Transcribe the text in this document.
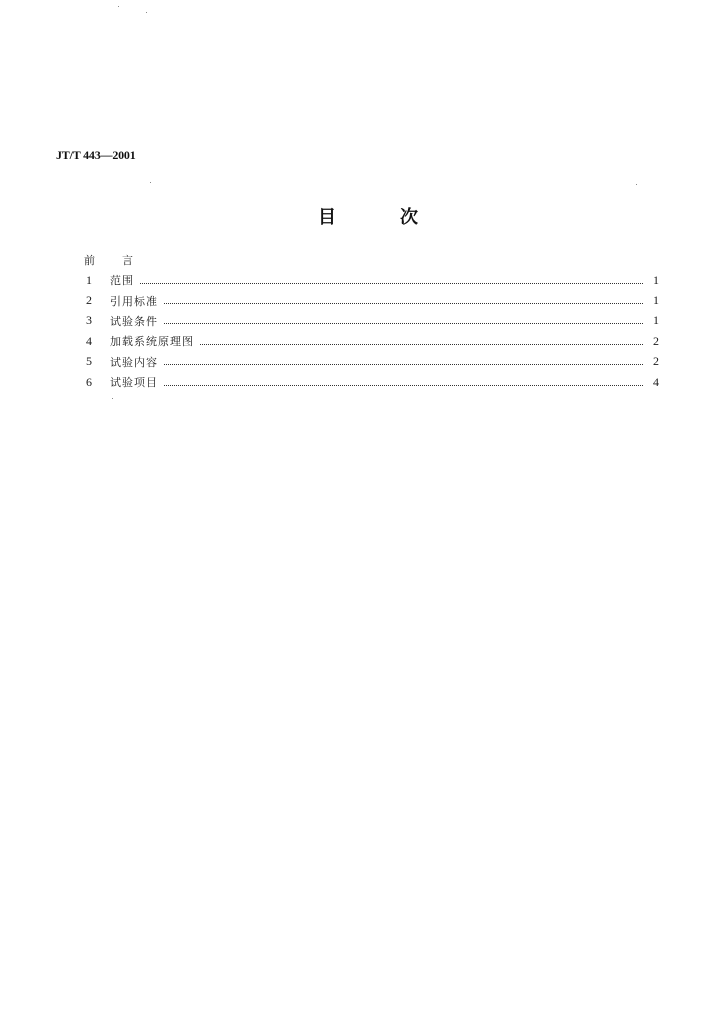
JT/T 443—2001
目	次
前	言
1	范围	1
2	引用标准	1
3	试验条件	1
4	加载系统原理图	2
5	试验内容	2
6	试验项目	4
